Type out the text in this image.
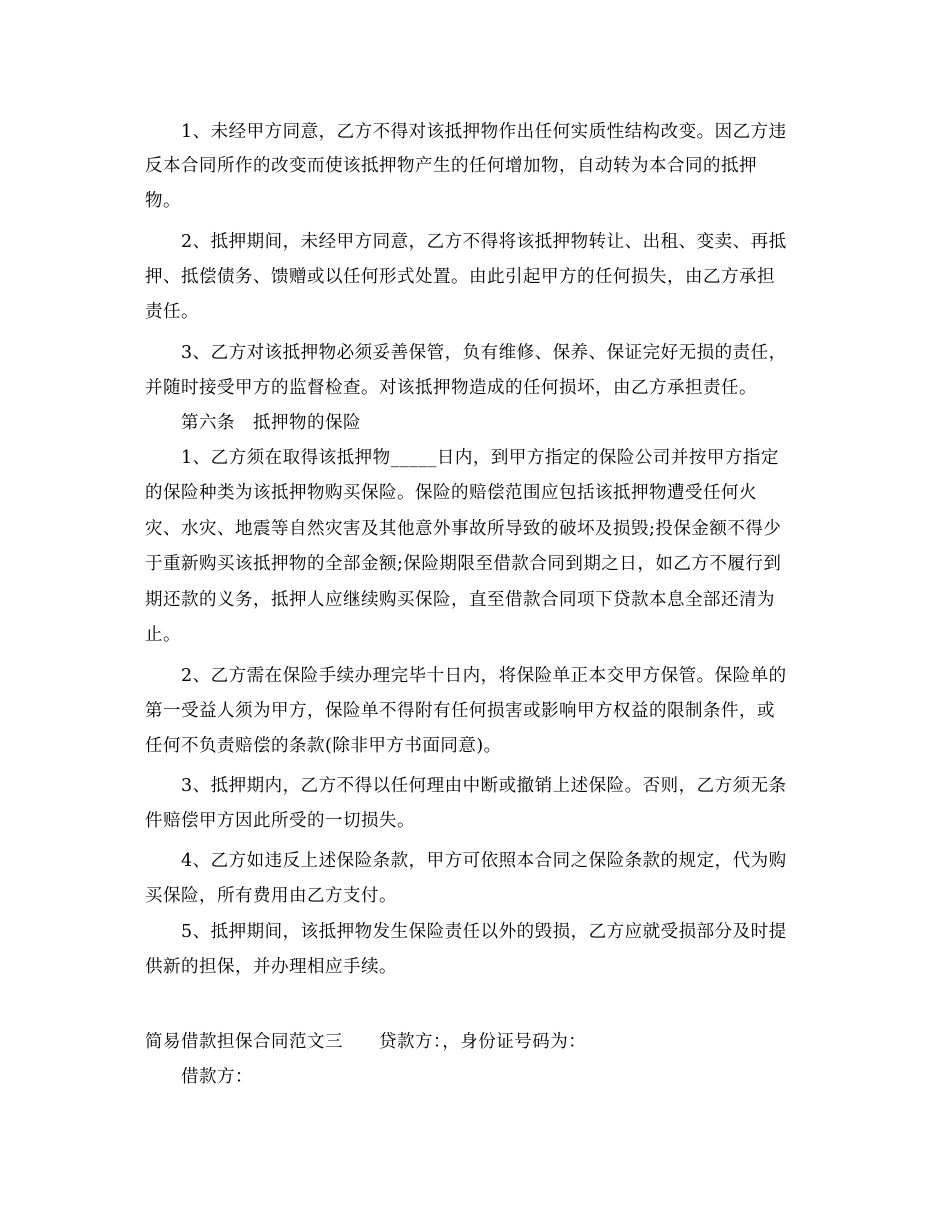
1、未经甲方同意，乙方不得对该抵押物作出任何实质性结构改变。因乙方违
反本合同所作的改变而使该抵押物产生的任何增加物，自动转为本合同的抵押
物。
2、抵押期间，未经甲方同意，乙方不得将该抵押物转让、出租、变卖、再抵
押、抵偿债务、馈赠或以任何形式处置。由此引起甲方的任何损失，由乙方承担
责任。
3、乙方对该抵押物必须妥善保管，负有维修、保养、保证完好无损的责任，
并随时接受甲方的监督检查。对该抵押物造成的任何损坏，由乙方承担责任。
第六条　抵押物的保险
1、乙方须在取得该抵押物_____日内，到甲方指定的保险公司并按甲方指定
的保险种类为该抵押物购买保险。保险的赔偿范围应包括该抵押物遭受任何火
灾、水灾、地震等自然灾害及其他意外事故所导致的破坏及损毁;投保金额不得少
于重新购买该抵押物的全部金额;保险期限至借款合同到期之日，如乙方不履行到
期还款的义务，抵押人应继续购买保险，直至借款合同项下贷款本息全部还清为
止。
2、乙方需在保险手续办理完毕十日内，将保险单正本交甲方保管。保险单的
第一受益人须为甲方，保险单不得附有任何损害或影响甲方权益的限制条件，或
任何不负责赔偿的条款(除非甲方书面同意)。
3、抵押期内，乙方不得以任何理由中断或撤销上述保险。否则，乙方须无条
件赔偿甲方因此所受的一切损失。
4、乙方如违反上述保险条款，甲方可依照本合同之保险条款的规定，代为购
买保险，所有费用由乙方支付。
5、抵押期间，该抵押物发生保险责任以外的毁损，乙方应就受损部分及时提
供新的担保，并办理相应手续。
简易借款担保合同范文三　　贷款方：，身份证号码为：
借款方：
